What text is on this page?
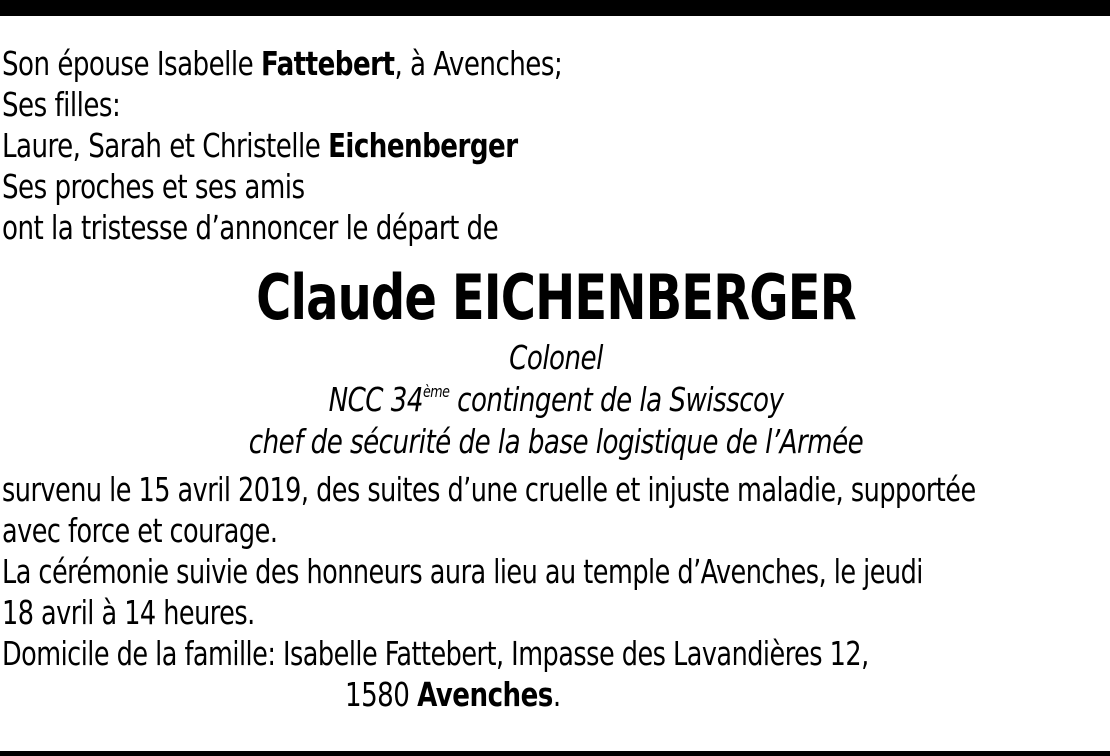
Son épouse Isabelle Fattebert, à Avenches;
Ses filles:
Laure, Sarah et Christelle Eichenberger
Ses proches et ses amis
ont la tristesse d’annoncer le départ de
Claude EICHENBERGER
Colonel
NCC 34ème contingent de la Swisscoy
chef de sécurité de la base logistique de l’Armée
survenu le 15 avril 2019, des suites d’une cruelle et injuste maladie, supportée
avec force et courage.
La cérémonie suivie des honneurs aura lieu au temple d’Avenches, le jeudi
18 avril à 14 heures.
Domicile de la famille: Isabelle Fattebert, Impasse des Lavandières 12,
1580 Avenches.
